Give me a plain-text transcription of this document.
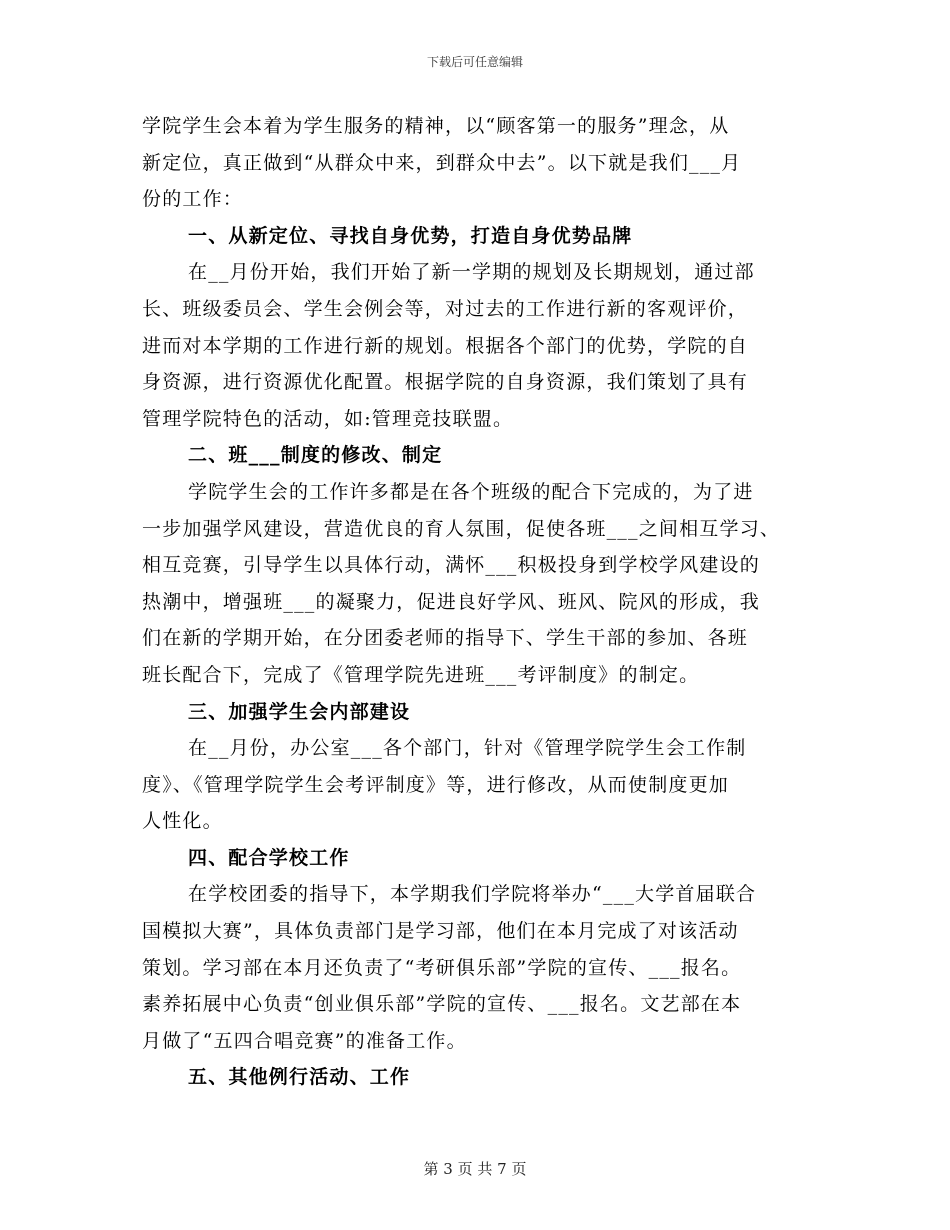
下载后可任意编辑
学院学生会本着为学生服务的精神，以“顾客第一的服务”理念，从
新定位，真正做到“从群众中来，到群众中去”。以下就是我们___月
份的工作：
一、从新定位、寻找自身优势，打造自身优势品牌
在__月份开始，我们开始了新一学期的规划及长期规划，通过部
长、班级委员会、学生会例会等，对过去的工作进行新的客观评价，
进而对本学期的工作进行新的规划。根据各个部门的优势，学院的自
身资源，进行资源优化配置。根据学院的自身资源，我们策划了具有
管理学院特色的活动，如:管理竞技联盟。
二、班___制度的修改、制定
学院学生会的工作许多都是在各个班级的配合下完成的，为了进
一步加强学风建设，营造优良的育人氛围，促使各班___之间相互学习、
相互竞赛，引导学生以具体行动，满怀___积极投身到学校学风建设的
热潮中，增强班___的凝聚力，促进良好学风、班风、院风的形成，我
们在新的学期开始，在分团委老师的指导下、学生干部的参加、各班
班长配合下，完成了《管理学院先进班___考评制度》的制定。
三、加强学生会内部建设
在__月份，办公室___各个部门，针对《管理学院学生会工作制
度》、《管理学院学生会考评制度》等，进行修改，从而使制度更加
人性化。
四、配合学校工作
在学校团委的指导下，本学期我们学院将举办“___大学首届联合
国模拟大赛”，具体负责部门是学习部，他们在本月完成了对该活动
策划。学习部在本月还负责了“考研俱乐部”学院的宣传、___报名。
素养拓展中心负责“创业俱乐部”学院的宣传、___报名。文艺部在本
月做了“五四合唱竞赛”的准备工作。
五、其他例行活动、工作
第 3 页 共 7 页
